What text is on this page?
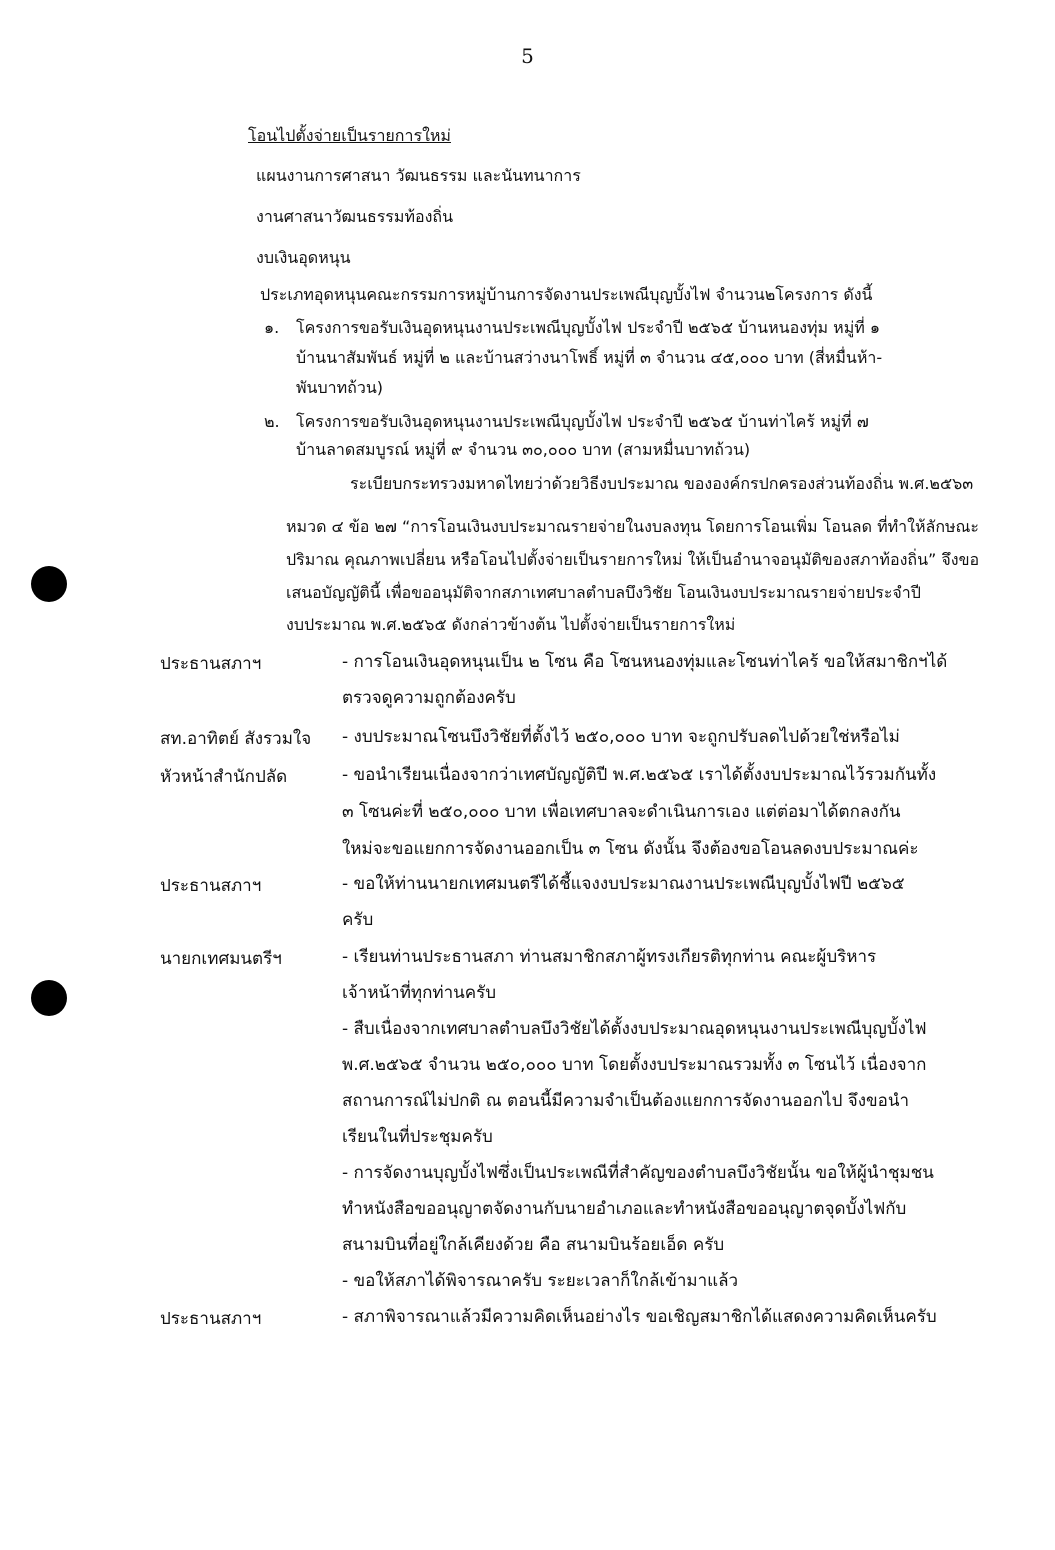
5
โอนไปตั้งจ่ายเป็นรายการใหม่
แผนงานการศาสนา วัฒนธรรม และนันทนาการ
งานศาสนาวัฒนธรรมท้องถิ่น
งบเงินอุดหนุน
ประเภทอุดหนุนคณะกรรมการหมู่บ้านการจัดงานประเพณีบุญบั้งไฟ จำนวน๒โครงการ ดังนี้
๑. โครงการขอรับเงินอุดหนุนงานประเพณีบุญบั้งไฟ ประจำปี ๒๕๖๕ บ้านหนองทุ่ม หมู่ที่ ๑
บ้านนาสัมพันธ์ หมู่ที่ ๒ และบ้านสว่างนาโพธิ์ หมู่ที่ ๓ จำนวน ๔๕,๐๐๐ บาท (สี่หมื่นห้า-
พันบาทถ้วน)
๒. โครงการขอรับเงินอุดหนุนงานประเพณีบุญบั้งไฟ ประจำปี ๒๕๖๕ บ้านท่าไคร้ หมู่ที่ ๗
บ้านลาดสมบูรณ์ หมู่ที่ ๙ จำนวน ๓๐,๐๐๐ บาท (สามหมื่นบาทถ้วน)
ระเบียบกระทรวงมหาดไทยว่าด้วยวิธีงบประมาณ ขององค์กรปกครองส่วนท้องถิ่น พ.ศ.๒๕๖๓
หมวด ๔ ข้อ ๒๗ “การโอนเงินงบประมาณรายจ่ายในงบลงทุน โดยการโอนเพิ่ม โอนลด ที่ทำให้ลักษณะ
ปริมาณ คุณภาพเปลี่ยน หรือโอนไปตั้งจ่ายเป็นรายการใหม่ ให้เป็นอำนาจอนุมัติของสภาท้องถิ่น” จึงขอ
เสนอบัญญัตินี้ เพื่อขออนุมัติจากสภาเทศบาลตำบลบึงวิชัย โอนเงินงบประมาณรายจ่ายประจำปี
งบประมาณ พ.ศ.๒๕๖๕ ดังกล่าวข้างต้น ไปตั้งจ่ายเป็นรายการใหม่
ประธานสภาฯ	- การโอนเงินอุดหนุนเป็น ๒ โซน คือ โซนหนองทุ่มและโซนท่าไคร้ ขอให้สมาชิกฯได้
ตรวจดูความถูกต้องครับ
สท.อาทิตย์ สังรวมใจ - งบประมาณโซนบึงวิชัยที่ตั้งไว้ ๒๕๐,๐๐๐ บาท จะถูกปรับลดไปด้วยใช่หรือไม่
หัวหน้าสำนักปลัด	- ขอนำเรียนเนื่องจากว่าเทศบัญญัติปี พ.ศ.๒๕๖๕ เราได้ตั้งงบประมาณไว้รวมกันทั้ง
๓ โซนค่ะที่ ๒๕๐,๐๐๐ บาท เพื่อเทศบาลจะดำเนินการเอง แต่ต่อมาได้ตกลงกัน
ใหม่จะขอแยกการจัดงานออกเป็น ๓ โซน ดังนั้น จึงต้องขอโอนลดงบประมาณค่ะ
ประธานสภาฯ	- ขอให้ท่านนายกเทศมนตรีได้ชี้แจงงบประมาณงานประเพณีบุญบั้งไฟปี ๒๕๖๕
ครับ
นายกเทศมนตรีฯ	- เรียนท่านประธานสภา ท่านสมาชิกสภาผู้ทรงเกียรติทุกท่าน คณะผู้บริหาร
เจ้าหน้าที่ทุกท่านครับ
- สืบเนื่องจากเทศบาลตำบลบึงวิชัยได้ตั้งงบประมาณอุดหนุนงานประเพณีบุญบั้งไฟ
พ.ศ.๒๕๖๕ จำนวน ๒๕๐,๐๐๐ บาท โดยตั้งงบประมาณรวมทั้ง ๓ โซนไว้ เนื่องจาก
สถานการณ์ไม่ปกติ ณ ตอนนี้มีความจำเป็นต้องแยกการจัดงานออกไป จึงขอนำ
เรียนในที่ประชุมครับ
- การจัดงานบุญบั้งไฟซึ่งเป็นประเพณีที่สำคัญของตำบลบึงวิชัยนั้น ขอให้ผู้นำชุมชน
ทำหนังสือขออนุญาตจัดงานกับนายอำเภอและทำหนังสือขออนุญาตจุดบั้งไฟกับ
สนามบินที่อยู่ใกล้เคียงด้วย คือ สนามบินร้อยเอ็ด ครับ
- ขอให้สภาได้พิจารณาครับ ระยะเวลาก็ใกล้เข้ามาแล้ว
ประธานสภาฯ	- สภาพิจารณาแล้วมีความคิดเห็นอย่างไร ขอเชิญสมาชิกได้แสดงความคิดเห็นครับ
